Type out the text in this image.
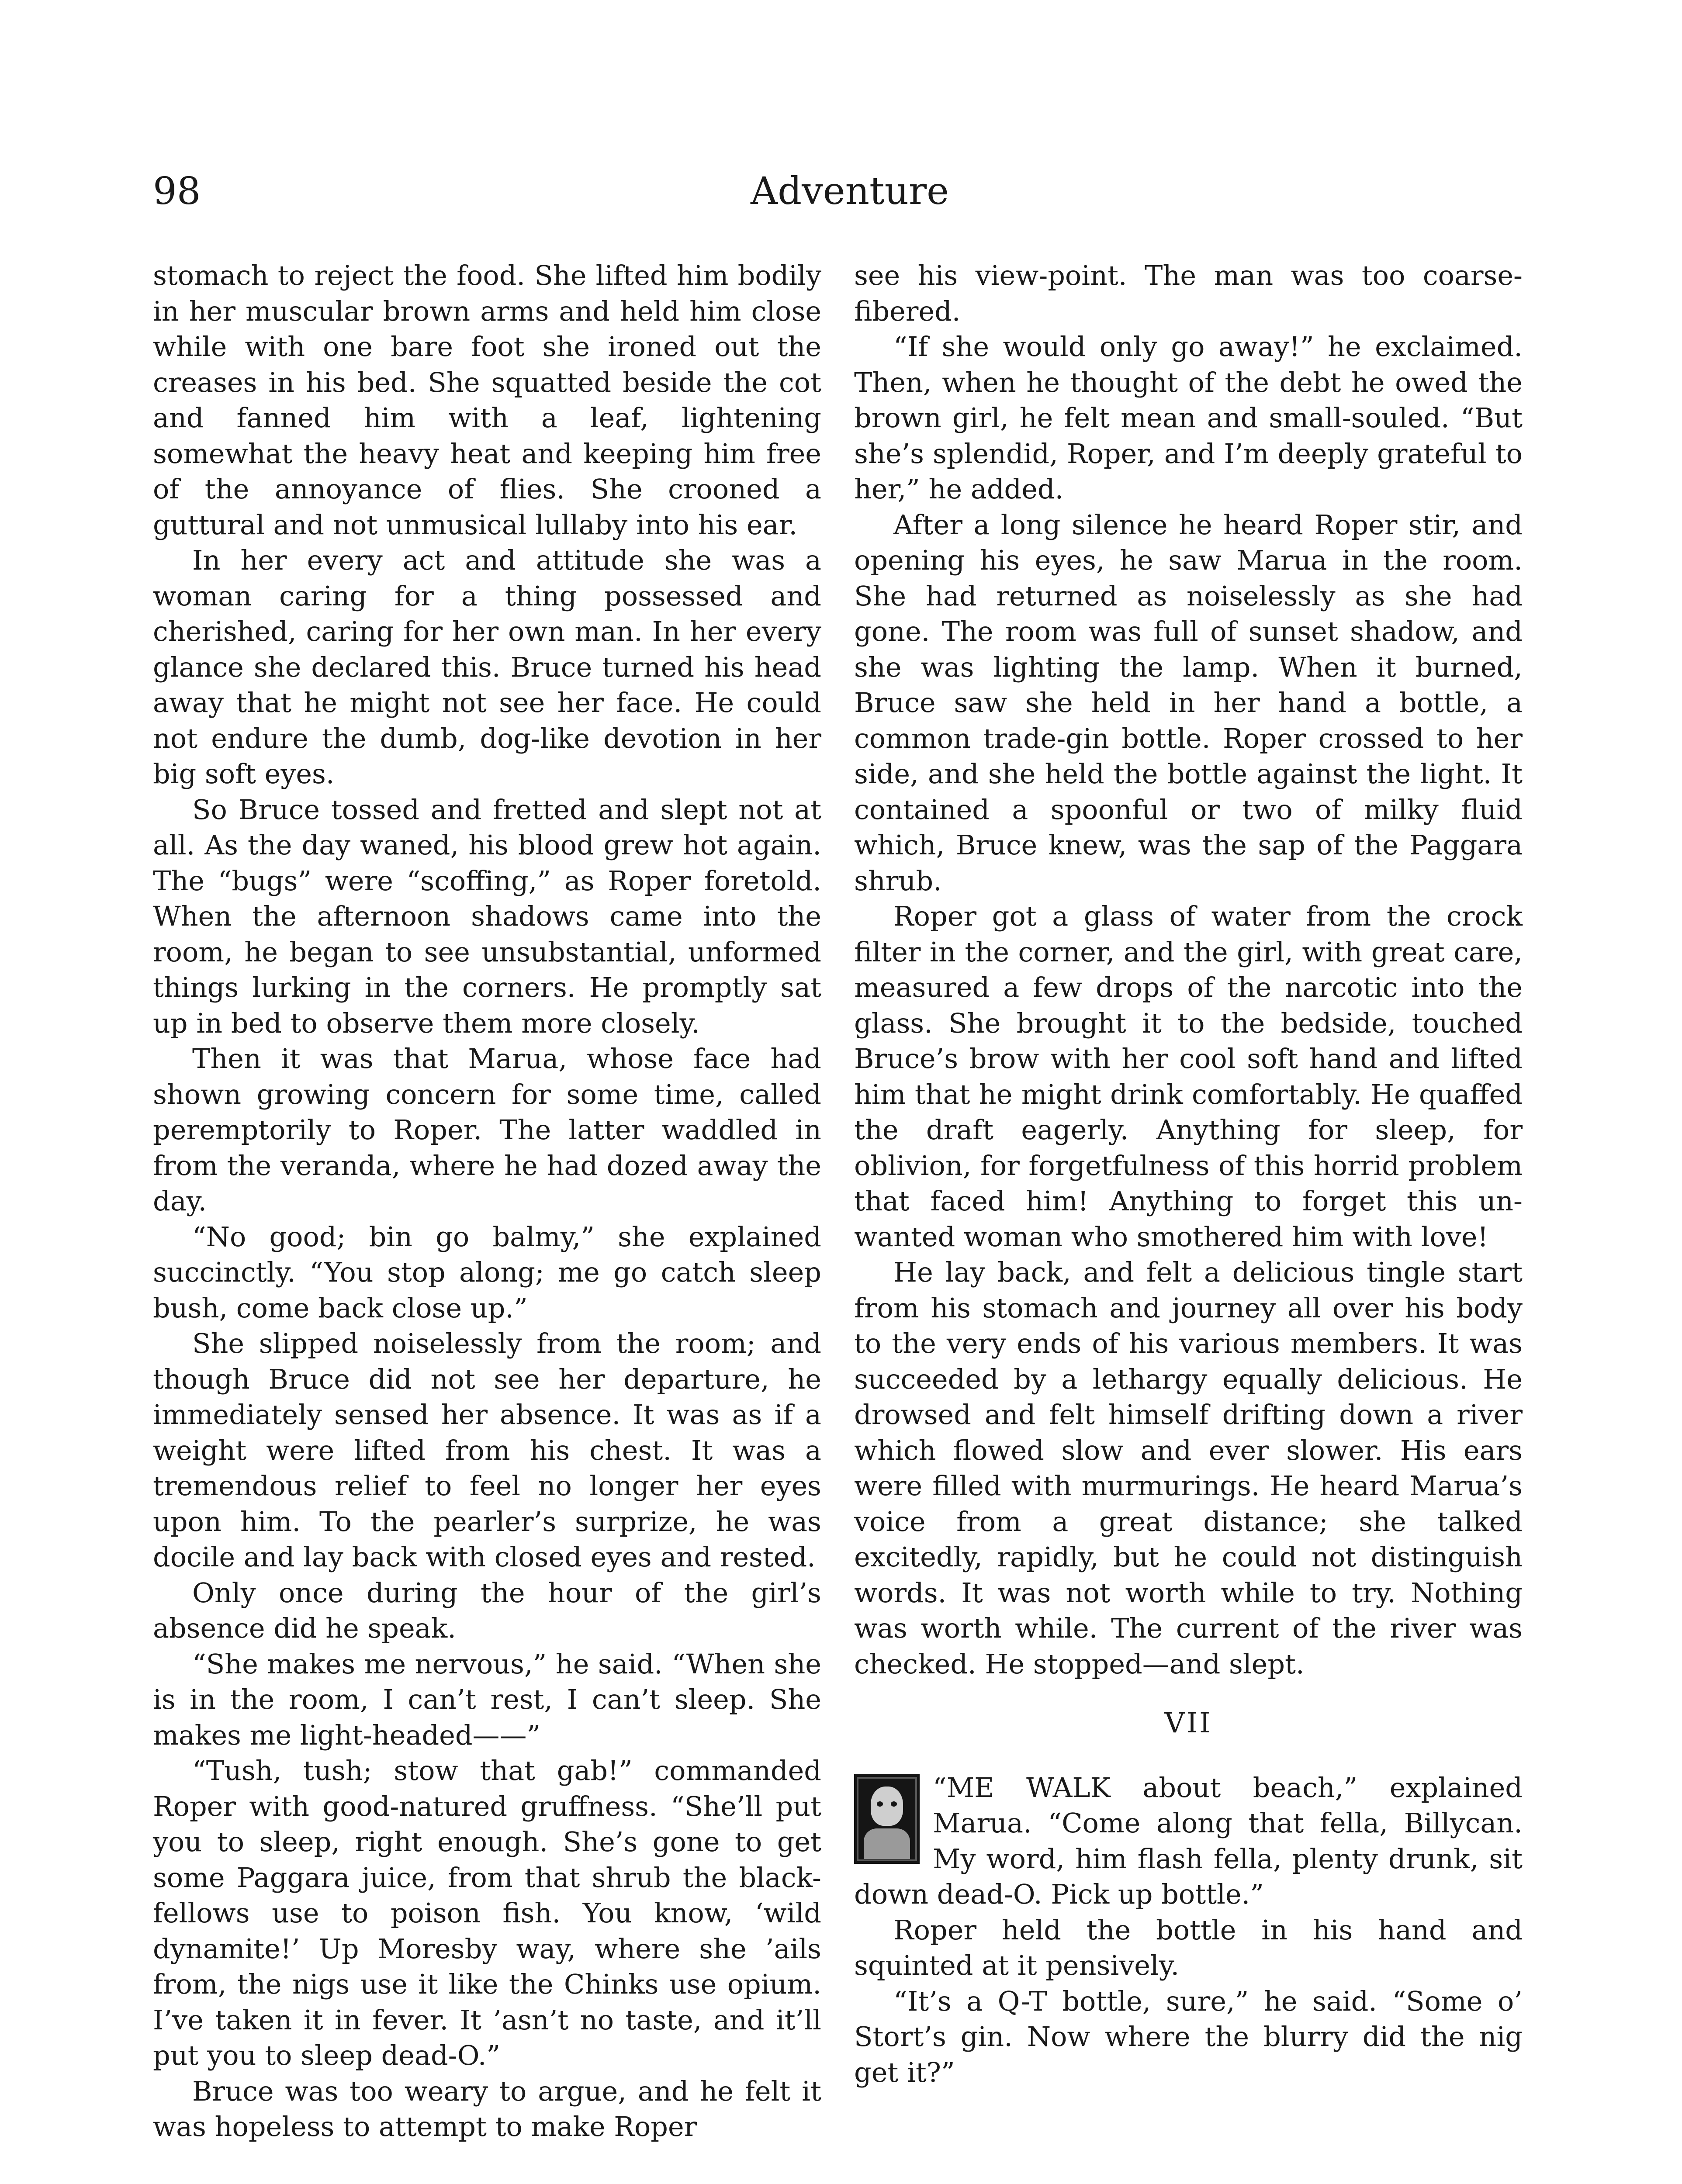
98	Adventure

stomach to reject the food. She lifted him bodily in her muscular brown arms and held him close while with one bare foot she ironed out the creases in his bed. She squatted beside the cot and fanned him with a leaf, lightening somewhat the heavy heat and keeping him free of the annoyance of flies. She crooned a guttural and not unmusical lullaby into his ear.

In her every act and attitude she was a woman caring for a thing possessed and cherished, caring for her own man. In her every glance she declared this. Bruce turned his head away that he might not see her face. He could not endure the dumb, dog-like devotion in her big soft eyes.

So Bruce tossed and fretted and slept not at all. As the day waned, his blood grew hot again. The “bugs” were “scoffing,” as Roper foretold. When the afternoon shadows came into the room, he began to see unsubstantial, unformed things lurking in the corners. He promptly sat up in bed to observe them more closely.

Then it was that Marua, whose face had shown growing concern for some time, called peremptorily to Roper. The latter waddled in from the veranda, where he had dozed away the day.

“No good; bin go balmy,” she explained succinctly. “You stop along; me go catch sleep bush, come back close up.”

She slipped noiselessly from the room; and though Bruce did not see her departure, he immediately sensed her absence. It was as if a weight were lifted from his chest. It was a tremendous relief to feel no longer her eyes upon him. To the pearler’s surprize, he was docile and lay back with closed eyes and rested.

Only once during the hour of the girl’s absence did he speak.

“She makes me nervous,” he said. “When she is in the room, I can’t rest, I can’t sleep. She makes me light-headed——”

“Tush, tush; stow that gab!” commanded Roper with good-natured gruffness. “She’ll put you to sleep, right enough. She’s gone to get some Paggara juice, from that shrub the black-fellows use to poison fish. You know, ‘wild dynamite!’ Up Moresby way, where she ’ails from, the nigs use it like the Chinks use opium. I’ve taken it in fever. It ’asn’t no taste, and it’ll put you to sleep dead-O.”

Bruce was too weary to argue, and he felt it was hopeless to attempt to make Roper

see his view-point. The man was too coarse-fibered.

“If she would only go away!” he exclaimed. Then, when he thought of the debt he owed the brown girl, he felt mean and small-souled. “But she’s splendid, Roper, and I’m deeply grateful to her,” he added.

After a long silence he heard Roper stir, and opening his eyes, he saw Marua in the room. She had returned as noiselessly as she had gone. The room was full of sunset shadow, and she was lighting the lamp. When it burned, Bruce saw she held in her hand a bottle, a common trade-gin bottle. Roper crossed to her side, and she held the bottle against the light. It contained a spoonful or two of milky fluid which, Bruce knew, was the sap of the Paggara shrub.

Roper got a glass of water from the crock filter in the corner, and the girl, with great care, measured a few drops of the narcotic into the glass. She brought it to the bedside, touched Bruce’s brow with her cool soft hand and lifted him that he might drink comfortably. He quaffed the draft eagerly. Anything for sleep, for oblivion, for forgetfulness of this horrid problem that faced him! Anything to forget this unwanted woman who smothered him with love!

He lay back, and felt a delicious tingle start from his stomach and journey all over his body to the very ends of his various members. It was succeeded by a lethargy equally delicious. He drowsed and felt himself drifting down a river which flowed slow and ever slower. His ears were filled with murmurings. He heard Marua’s voice from a great distance; she talked excitedly, rapidly, but he could not distinguish words. It was not worth while to try. Nothing was worth while. The current of the river was checked. He stopped—and slept.

VII

“ME WALK about beach,” explained Marua. “Come along that fella, Billycan. My word, him flash fella, plenty drunk, sit down dead-O. Pick up bottle.”

Roper held the bottle in his hand and squinted at it pensively.

“It’s a Q-T bottle, sure,” he said. “Some o’ Stort’s gin. Now where the blurry did the nig get it?”
